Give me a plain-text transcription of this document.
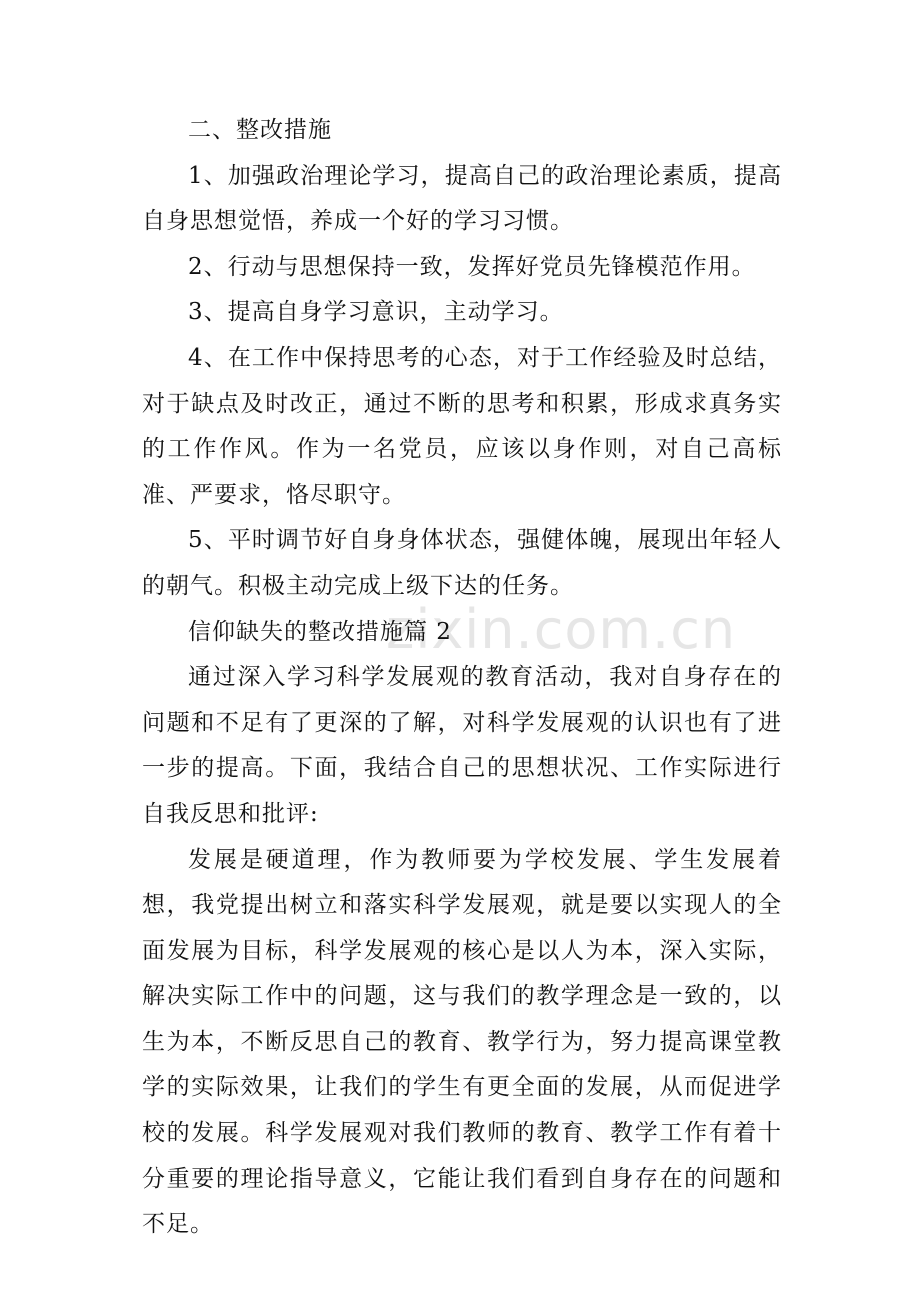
zixin.com.cn

二、整改措施

1、加强政治理论学习，提高自己的政治理论素质，提高自身思想觉悟，养成一个好的学习习惯。

2、行动与思想保持一致，发挥好党员先锋模范作用。

3、提高自身学习意识，主动学习。

4、在工作中保持思考的心态，对于工作经验及时总结，对于缺点及时改正，通过不断的思考和积累，形成求真务实的工作作风。作为一名党员，应该以身作则，对自己高标准、严要求，恪尽职守。

5、平时调节好自身身体状态，强健体魄，展现出年轻人的朝气。积极主动完成上级下达的任务。

信仰缺失的整改措施篇 2

通过深入学习科学发展观的教育活动，我对自身存在的问题和不足有了更深的了解，对科学发展观的认识也有了进一步的提高。下面，我结合自己的思想状况、工作实际进行自我反思和批评:

发展是硬道理，作为教师要为学校发展、学生发展着想，我党提出树立和落实科学发展观，就是要以实现人的全面发展为目标，科学发展观的核心是以人为本，深入实际，解决实际工作中的问题，这与我们的教学理念是一致的，以生为本，不断反思自己的教育、教学行为，努力提高课堂教学的实际效果，让我们的学生有更全面的发展，从而促进学校的发展。科学发展观对我们教师的教育、教学工作有着十分重要的理论指导意义，它能让我们看到自身存在的问题和不足。
